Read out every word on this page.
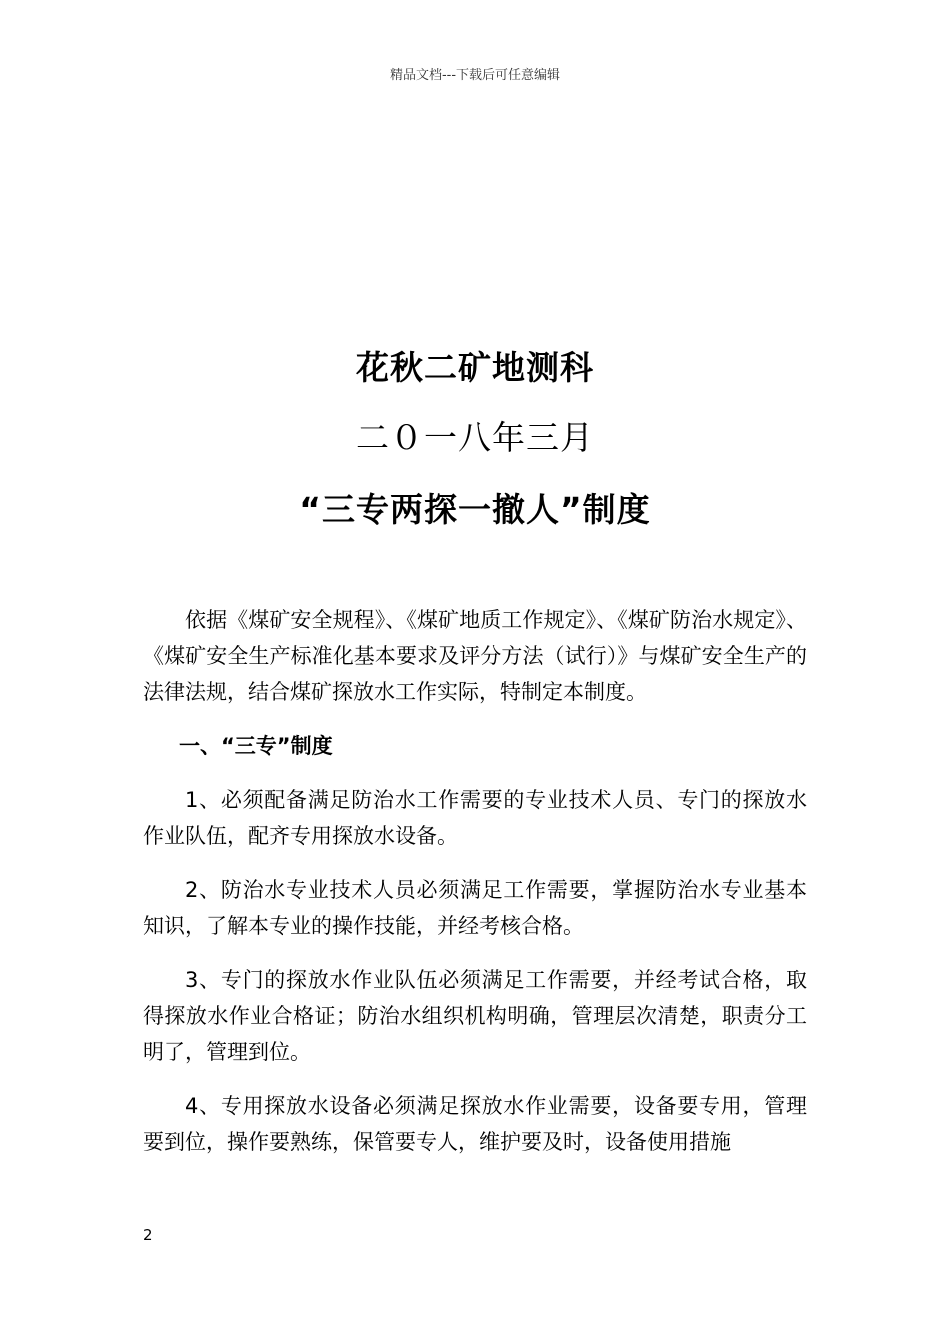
精品文档---下载后可任意编辑
花秋二矿地测科
二０一八年三月
“三专两探一撤人”制度

依据《煤矿安全规程》、《煤矿地质工作规定》、《煤矿防治水规定》、《煤矿安全生产标准化基本要求及评分方法（试行）》与煤矿安全生产的法律法规，结合煤矿探放水工作实际，特制定本制度。

一、“三专”制度

1、必须配备满足防治水工作需要的专业技术人员、专门的探放水作业队伍，配齐专用探放水设备。

2、防治水专业技术人员必须满足工作需要，掌握防治水专业基本知识，了解本专业的操作技能，并经考核合格。

3、专门的探放水作业队伍必须满足工作需要，并经考试合格，取得探放水作业合格证；防治水组织机构明确，管理层次清楚，职责分工明了，管理到位。

4、专用探放水设备必须满足探放水作业需要，设备要专用，管理要到位，操作要熟练，保管要专人，维护要及时，设备使用措施

2
